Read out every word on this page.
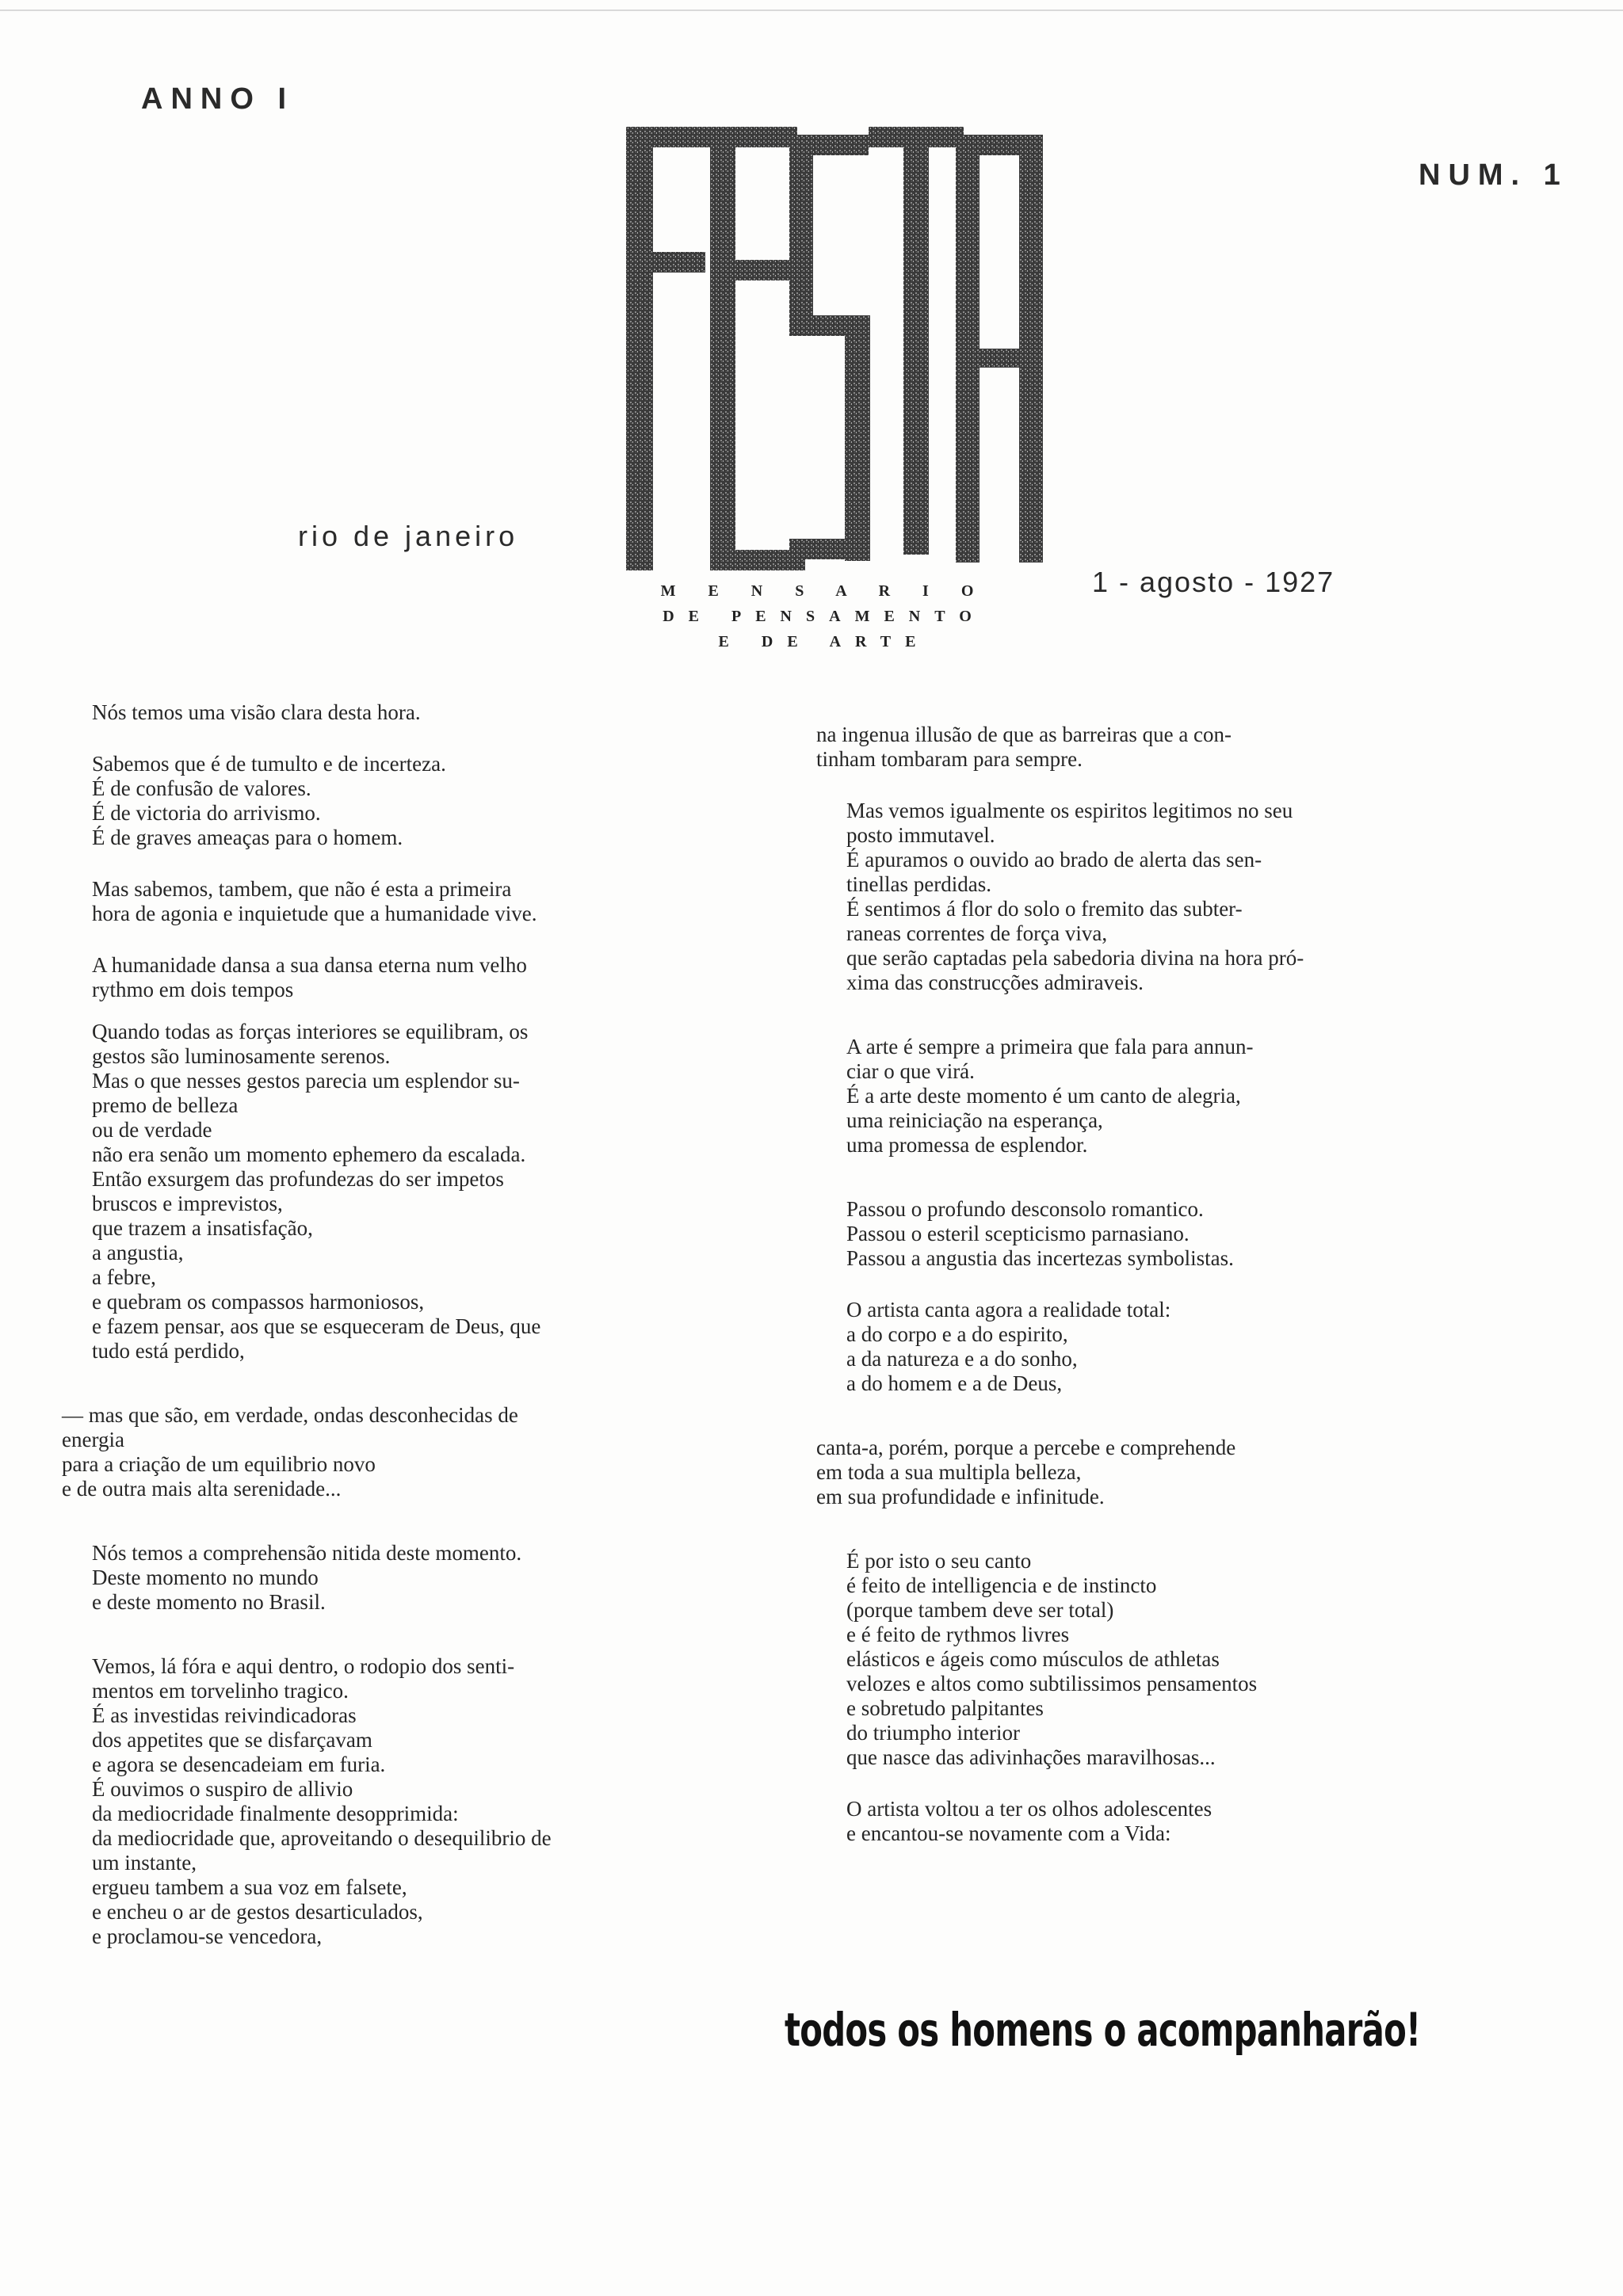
ANNO I
NUM. 1
rio de janeiro
1 - agosto - 1927
M E N S A R I O
DE PENSAMENTO
E DE ARTE
Nós temos uma visão clara desta hora.
Sabemos que é de tumulto e de incerteza.
É de confusão de valores.
É de victoria do arrivismo.
É de graves ameaças para o homem.
Mas sabemos, tambem, que não é esta a primeira
hora de agonia e inquietude que a humanidade vive.
A humanidade dansa a sua dansa eterna num velho
rythmo em dois tempos
Quando todas as forças interiores se equilibram, os
gestos são luminosamente serenos.
Mas o que nesses gestos parecia um esplendor su-
premo de belleza
ou de verdade
não era senão um momento ephemero da escalada.
Então exsurgem das profundezas do ser impetos
bruscos e imprevistos,
que trazem a insatisfação,
a angustia,
a febre,
e quebram os compassos harmoniosos,
e fazem pensar, aos que se esqueceram de Deus, que
tudo está perdido,
— mas que são, em verdade, ondas desconhecidas de
energia
para a criação de um equilibrio novo
e de outra mais alta serenidade...
Nós temos a comprehensão nitida deste momento.
Deste momento no mundo
e deste momento no Brasil.
Vemos, lá fóra e aqui dentro, o rodopio dos senti-
mentos em torvelinho tragico.
É as investidas reivindicadoras
dos appetites que se disfarçavam
e agora se desencadeiam em furia.
É ouvimos o suspiro de allivio
da mediocridade finalmente desopprimida:
da mediocridade que, aproveitando o desequilibrio de
um instante,
ergueu tambem a sua voz em falsete,
e encheu o ar de gestos desarticulados,
e proclamou-se vencedora,
na ingenua illusão de que as barreiras que a con-
tinham tombaram para sempre.
Mas vemos igualmente os espiritos legitimos no seu
posto immutavel.
É apuramos o ouvido ao brado de alerta das sen-
tinellas perdidas.
É sentimos á flor do solo o fremito das subter-
raneas correntes de força viva,
que serão captadas pela sabedoria divina na hora pró-
xima das construcções admiraveis.
A arte é sempre a primeira que fala para annun-
ciar o que virá.
É a arte deste momento é um canto de alegria,
uma reiniciação na esperança,
uma promessa de esplendor.
Passou o profundo desconsolo romantico.
Passou o esteril scepticismo parnasiano.
Passou a angustia das incertezas symbolistas.
O artista canta agora a realidade total:
a do corpo e a do espirito,
a da natureza e a do sonho,
a do homem e a de Deus,
canta-a, porém, porque a percebe e comprehende
em toda a sua multipla belleza,
em sua profundidade e infinitude.
É por isto o seu canto
é feito de intelligencia e de instincto
(porque tambem deve ser total)
e é feito de rythmos livres
elásticos e ágeis como músculos de athletas
velozes e altos como subtilissimos pensamentos
e sobretudo palpitantes
do triumpho interior
que nasce das adivinhações maravilhosas...
O artista voltou a ter os olhos adolescentes
e encantou-se novamente com a Vida:
todos os homens o acompanharão!
